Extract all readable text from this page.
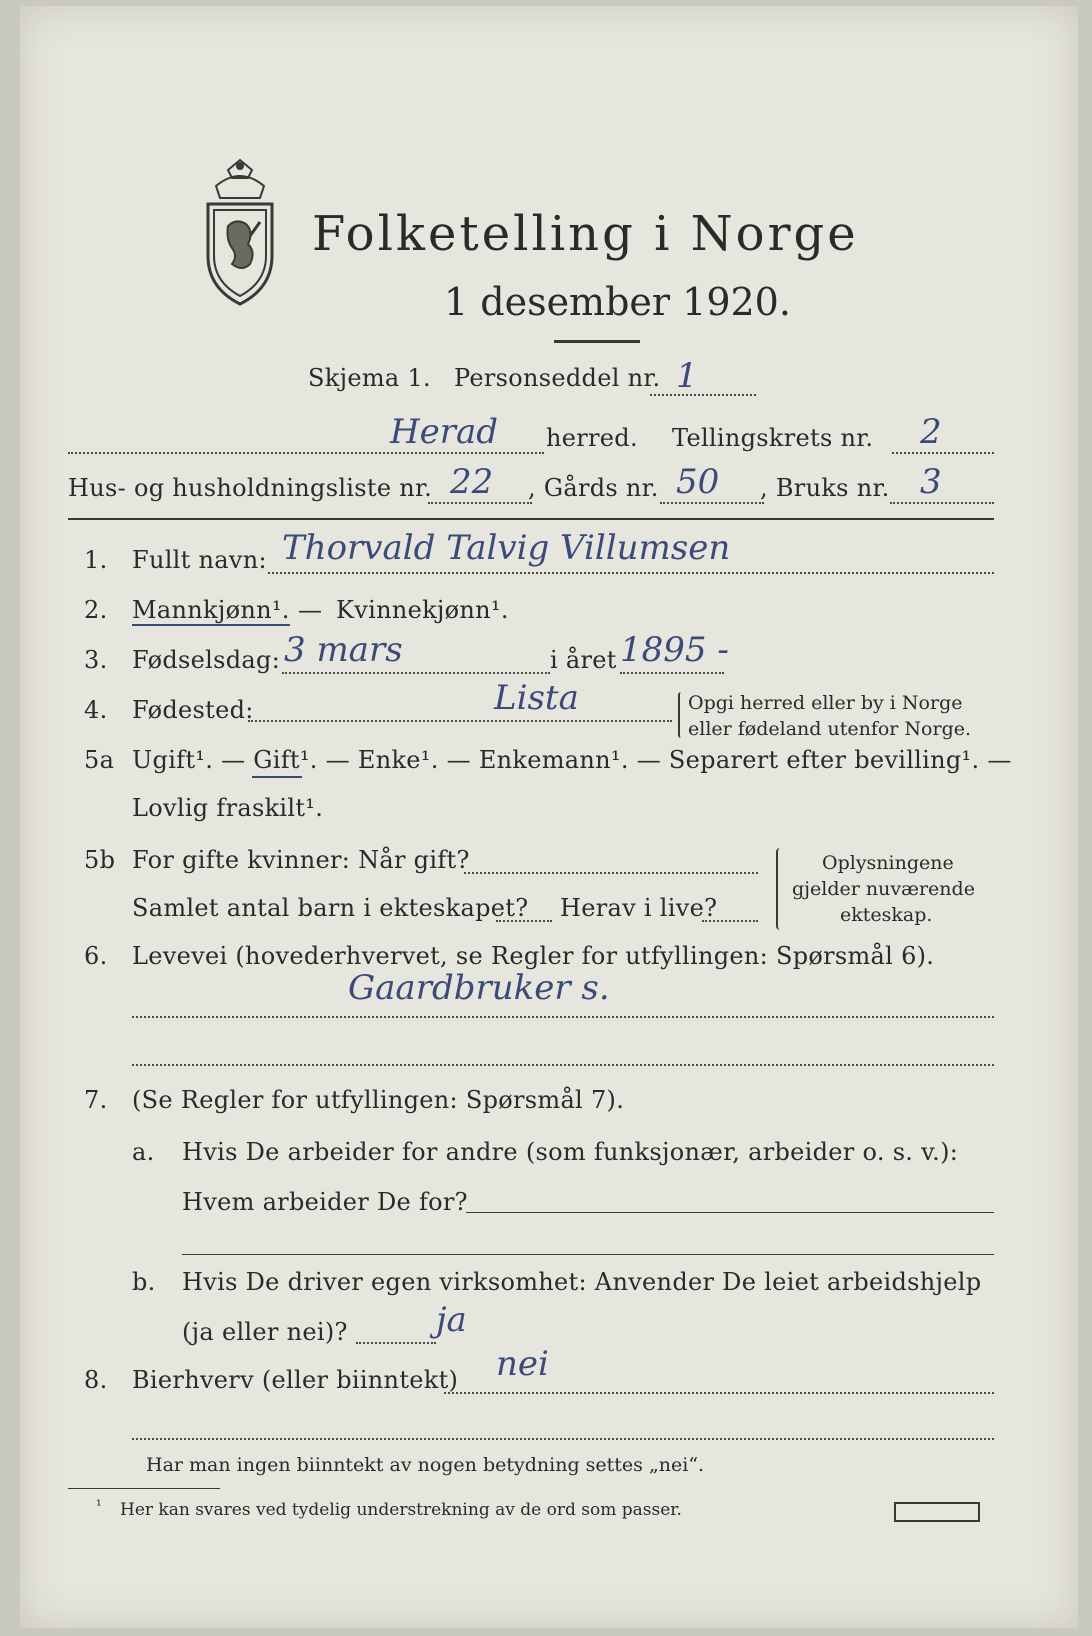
Folketelling i Norge
1 desember 1920.
Skjema 1. Personseddel nr. 1
Herad herred. Tellingskrets nr. 2
Hus- og husholdningsliste nr. 22 , Gårds nr. 50 , Bruks nr. 3
1. Fullt navn: Thorvald Talvig Villumsen
2. Mannkjønn¹. — Kvinnekjønn¹.
3. Fødselsdag: 3 mars	i året 1895 -
4. Fødested:	Lista	Opgi herred eller by i Norge
eller fødeland utenfor Norge.
5a Ugift¹. — Gift¹. — Enke¹. — Enkemann¹. — Separert efter bevilling¹. —
Lovlig fraskilt¹.
5b For gifte kvinner: Når gift?
Samlet antal barn i ekteskapet? Herav i live?
Oplysningene
gjelder nuværende
ekteskap.
6. Levevei (hovederhvervet, se Regler for utfyllingen: Spørsmål 6).
Gaardbruker s.
7. (Se Regler for utfyllingen: Spørsmål 7).
a. Hvis De arbeider for andre (som funksjonær, arbeider o. s. v.):
Hvem arbeider De for?
b. Hvis De driver egen virksomhet: Anvender De leiet arbeidshjelp
(ja eller nei)?	ja
8. Bierhverv (eller biinntekt) nei
Har man ingen biinntekt av nogen betydning settes „nei“.
¹ Her kan svares ved tydelig understrekning av de ord som passer.
